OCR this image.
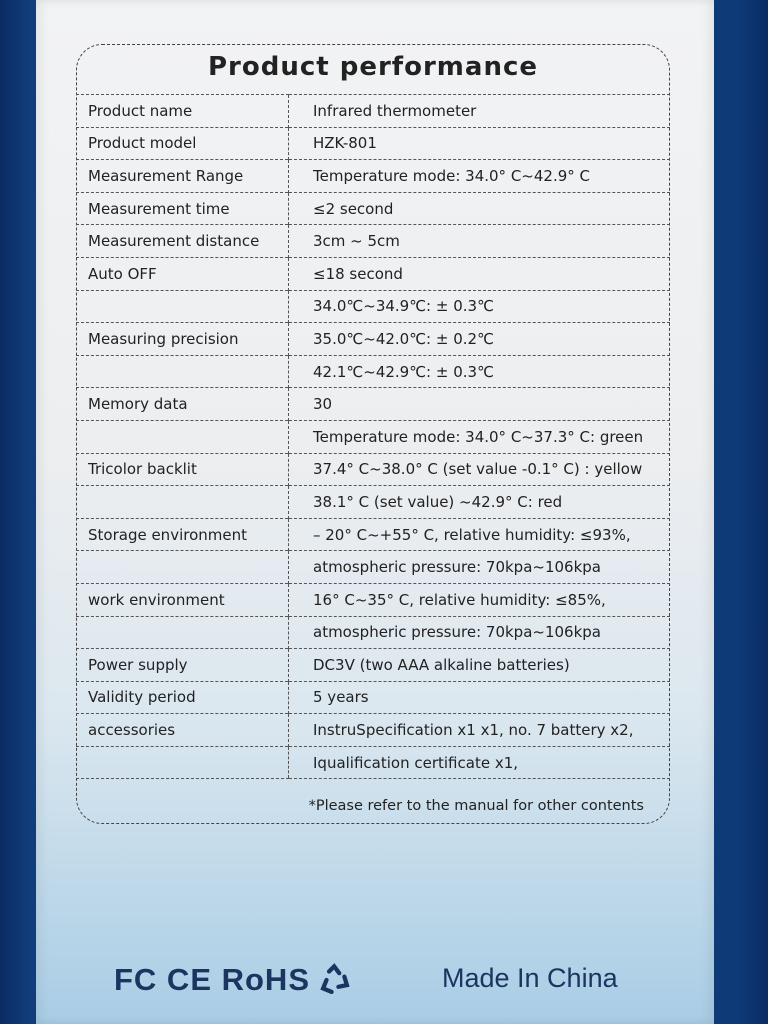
Product performance
Product name	Infrared thermometer
Product model	HZK-801
Measurement Range	Temperature mode: 34.0° C~42.9° C
Measurement time	≤2 second
Measurement distance	3cm ~ 5cm
Auto OFF	≤18 second
	34.0℃~34.9℃: ± 0.3℃
Measuring precision	35.0℃~42.0℃: ± 0.2℃
	42.1℃~42.9℃: ± 0.3℃
Memory data	30
	Temperature mode: 34.0° C~37.3° C: green
Tricolor backlit	37.4° C~38.0° C (set value -0.1° C) : yellow
	38.1° C (set value) ~42.9° C: red
Storage environment	– 20° C~+55° C, relative humidity: ≤93%,
	atmospheric pressure: 70kpa~106kpa
work environment	16° C~35° C, relative humidity: ≤85%,
	atmospheric pressure: 70kpa~106kpa
Power supply	DC3V (two AAA alkaline batteries)
Validity period	5 years
accessories	InstruSpecification x1 x1, no. 7 battery x2,
	Iqualification certificate x1,
*Please refer to the manual for other contents
FC CE RoHS	Made In China
